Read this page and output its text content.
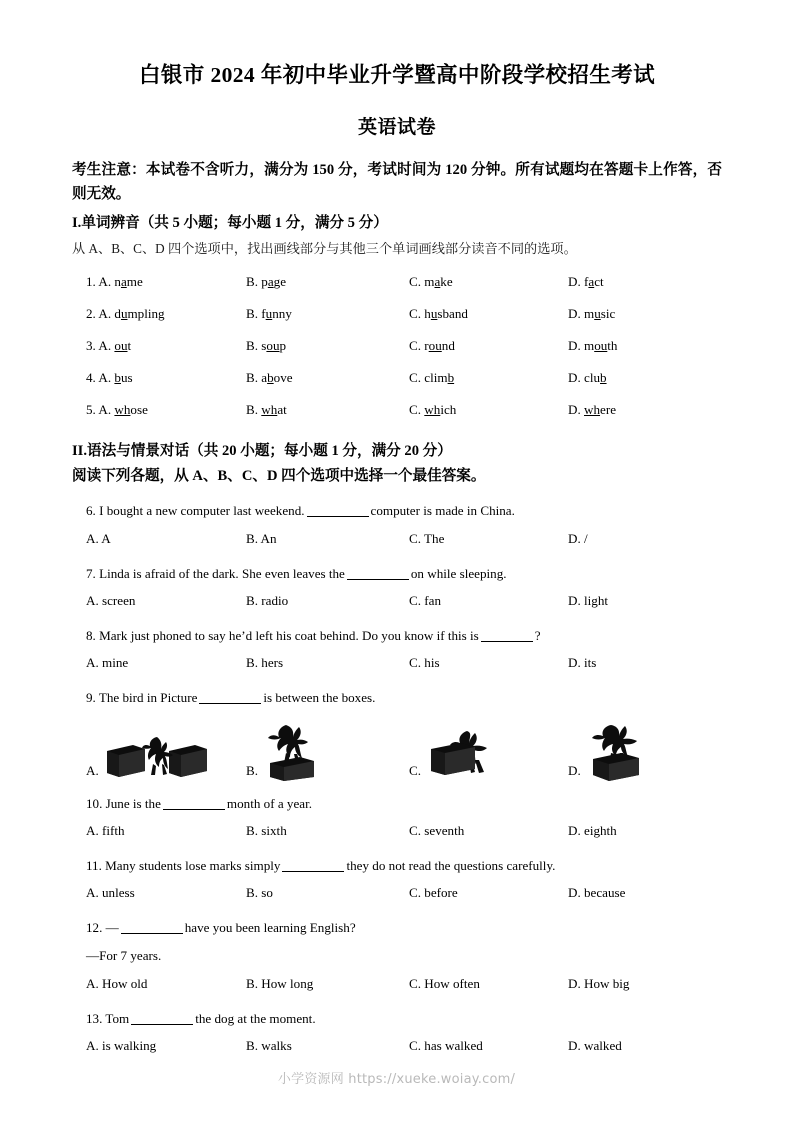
白银市 2024 年初中毕业升学暨高中阶段学校招生考试
英语试卷
考生注意：本试卷不含听力，满分为 150 分，考试时间为 120 分钟。所有试题均在答题卡上作答，否则无效。
I.单词辨音（共 5 小题；每小题 1 分，满分 5 分）
从 A、B、C、D 四个选项中，找出画线部分与其他三个单词画线部分读音不同的选项。
1. A. name	B. page	C. make	D. fact
2. A. dumpling	B. funny	C. husband	D. music
3. A. out	B. soup	C. round	D. mouth
4. A. bus	B. above	C. climb	D. club
5. A. whose	B. what	C. which	D. where
II.语法与情景对话（共 20 小题；每小题 1 分，满分 20 分）
阅读下列各题，从 A、B、C、D 四个选项中选择一个最佳答案。
6. I bought a new computer last weekend.	computer is made in China.
A. A	B. An	C. The	D. /
7. Linda is afraid of the dark. She even leaves the	on while sleeping.
A. screen	B. radio	C. fan	D. light
8. Mark just phoned to say he’d left his coat behind. Do you know if this is	?
A. mine	B. hers	C. his	D. its
9. The bird in Picture	is between the boxes.
A.	B.	C.	D.
10. June is the	month of a year.
A. fifth	B. sixth	C. seventh	D. eighth
11. Many students lose marks simply	they do not read the questions carefully.
A. unless	B. so	C. before	D. because
12. —	have you been learning English?
—For 7 years.
A. How old	B. How long	C. How often	D. How big
13. Tom	the dog at the moment.
A. is walking	B. walks	C. has walked	D. walked
小学资源网 https://xueke.woiay.com/
